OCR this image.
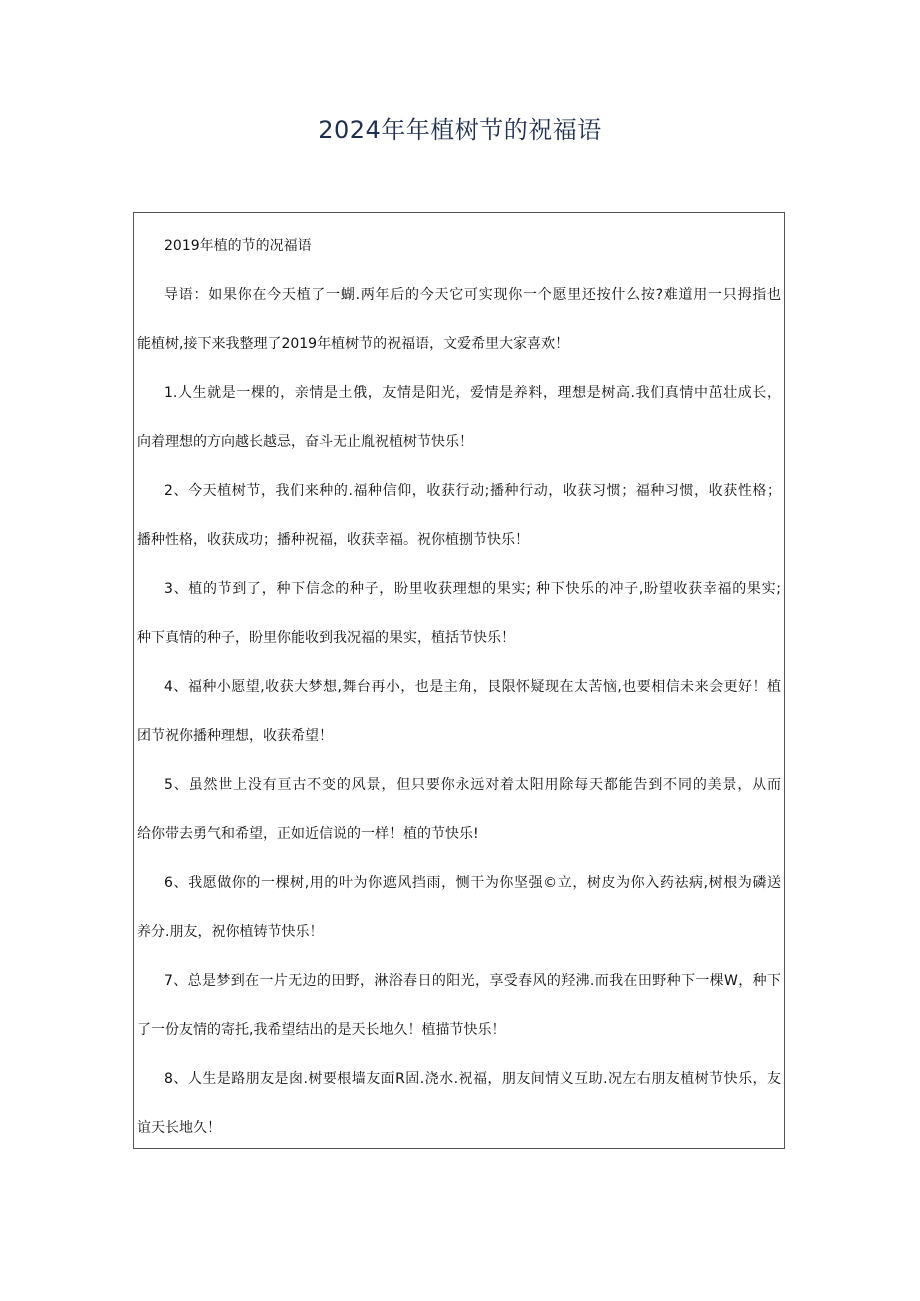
2024年年植树节的祝福语
2019年植的节的况福语
导语：如果你在今天植了一蝴.两年后的今天它可实现你一个愿里还按什么按?难道用一只拇指也
能植树,接下来我整理了2019年植树节的祝福语，文爱希里大家喜欢！
1.人生就是一棵的，亲情是土俄，友情是阳光，爱情是养料，理想是树高.我们真情中茁壮成长，
向着理想的方向越长越忌，奋斗无止胤祝植树节快乐！
2、今天植树节，我们来种的.福种信仰，收获行动;播种行动，收获习惯；福种习惯，收获性格；
播种性格，收获成功；播种祝福，收获幸福。祝你植捌节快乐！
3、植的节到了，种下信念的种子，盼里收获理想的果实; 种下快乐的冲子,盼望收获幸福的果实;
种下真情的种子，盼里你能收到我况福的果实，植括节快乐！
4、福种小愿望,收获大梦想,舞台再小，也是主角，艮限怀疑现在太苦恼,也要相信未来会更好！植
团节祝你播种理想，收获希望！
5、虽然世上没有亘古不变的风景，但只要你永远对着太阳用除每天都能告到不同的美景，从而
给你带去勇气和希望，正如近信说的一样！植的节快乐!
6、我愿做你的一棵树,用的叶为你遮风挡雨，恻干为你坚强©立，树皮为你入药祛病,树根为磷送
养分.朋友，祝你植铸节快乐！
7、总是梦到在一片无边的田野，淋浴春日的阳光，享受春风的羟沸.而我在田野种下一棵W，种下
了一份友情的寄托,我希望结出的是天长地久！植描节快乐！
8、人生是路朋友是囱.树要根墙友面R固.浇水.祝福，朋友间情义互助.况左右朋友植树节快乐，友
谊天长地久！
